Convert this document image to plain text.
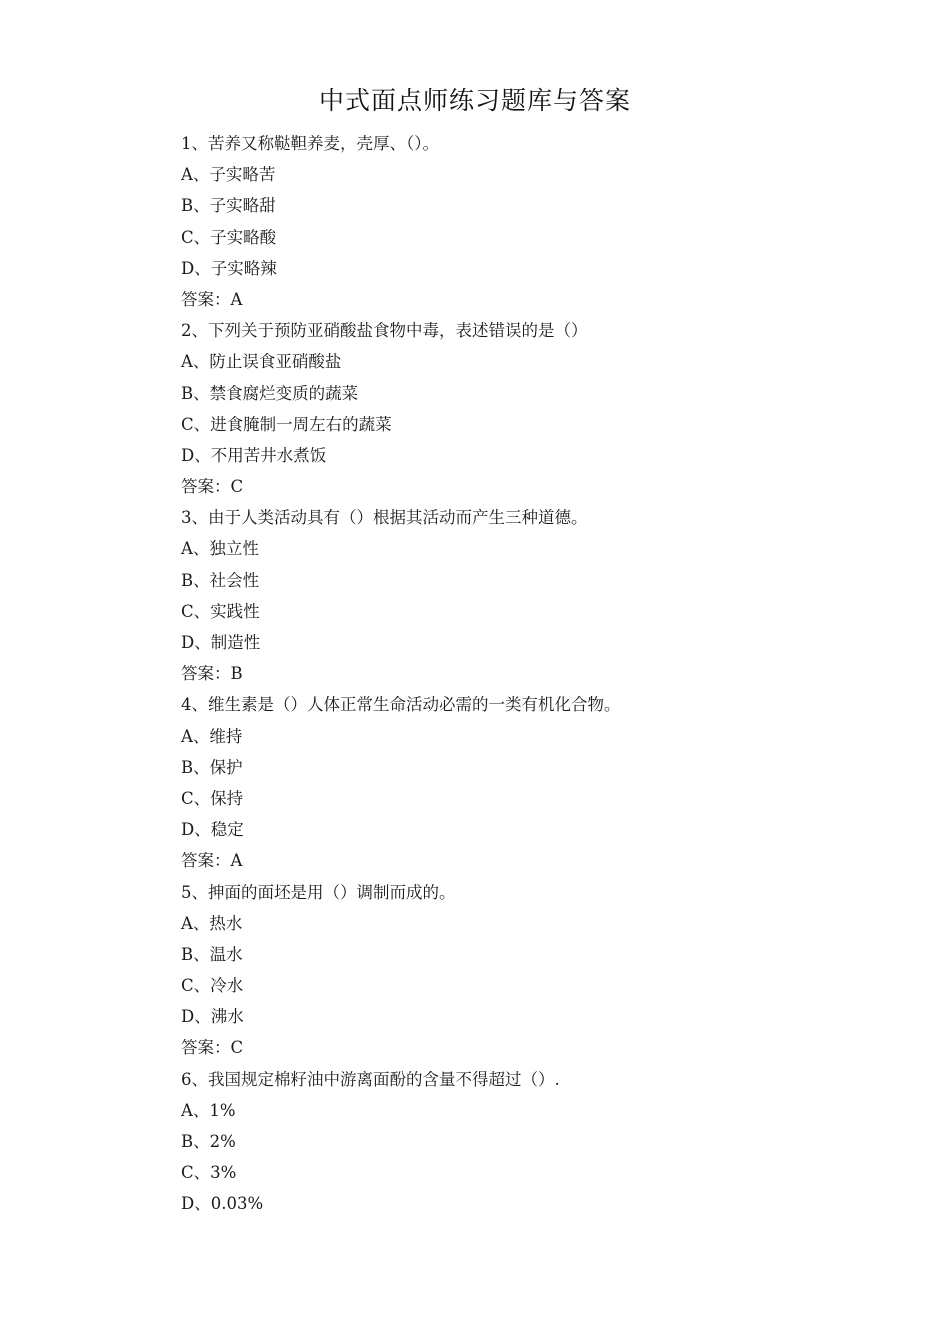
中式面点师练习题库与答案
1、苦养又称鞑靼养麦，壳厚、（）。
A、子实略苦
B、子实略甜
C、子实略酸
D、子实略辣
答案：A
2、下列关于预防亚硝酸盐食物中毒，表述错误的是（）
A、防止误食亚硝酸盐
B、禁食腐烂变质的蔬菜
C、进食腌制一周左右的蔬菜
D、不用苦井水煮饭
答案：C
3、由于人类活动具有（）根据其活动而产生三种道德。
A、独立性
B、社会性
C、实践性
D、制造性
答案：B
4、维生素是（）人体正常生命活动必需的一类有机化合物。
A、维持
B、保护
C、保持
D、稳定
答案：A
5、抻面的面坯是用（）调制而成的。
A、热水
B、温水
C、冷水
D、沸水
答案：C
6、我国规定棉籽油中游离面酚的含量不得超过（）.
A、1%
B、2%
C、3%
D、0.03%
